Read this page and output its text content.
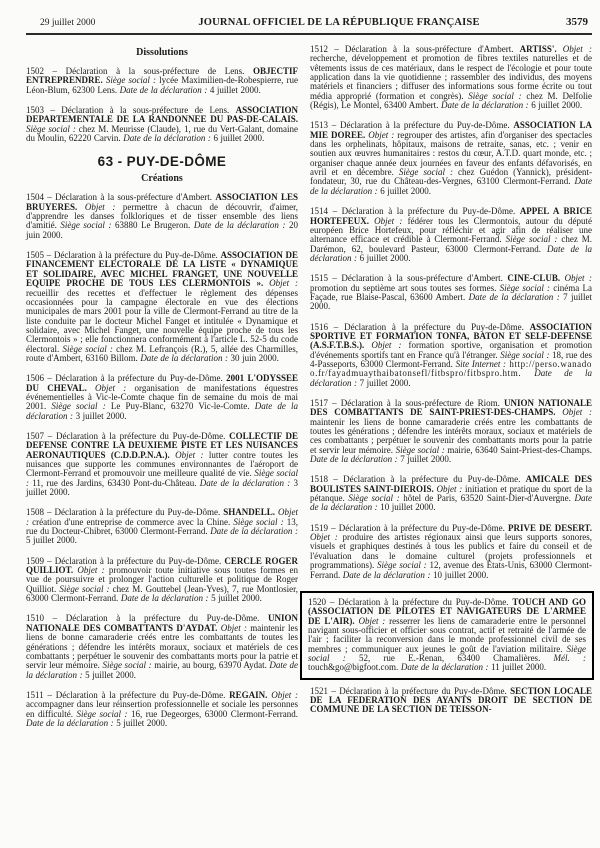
29 juillet 2000	JOURNAL OFFICIEL DE LA RÉPUBLIQUE FRANÇAISE	3579
Dissolutions

1502 – Déclaration à la sous-préfecture de Lens. OBJECTIF ENTREPRENDRE. Siège social : lycée Maximilien-de-Robespierre, rue Léon-Blum, 62300 Lens. Date de la déclaration : 4 juillet 2000.

1503 – Déclaration à la sous-préfecture de Lens. ASSOCIATION DEPARTEMENTALE DE LA RANDONNEE DU PAS-DE-CALAIS. Siège social : chez M. Meurisse (Claude), 1, rue du Vert-Galant, domaine du Moulin, 62220 Carvin. Date de la déclaration : 6 juillet 2000.

63 - PUY-DE-DÔME
Créations

1504 – Déclaration à la sous-préfecture d'Ambert. ASSOCIATION LES BRUYERES. Objet : permettre à chacun de découvrir, d'aimer, d'apprendre les danses folkloriques et de tisser ensemble des liens d'amitié. Siège social : 63880 Le Brugeron. Date de la déclaration : 20 juin 2000.

1505 – Déclaration à la préfecture du Puy-de-Dôme. ASSOCIATION DE FINANCEMENT ELECTORALE DE LA LISTE « DYNAMIQUE ET SOLIDAIRE, AVEC MICHEL FRANGET, UNE NOUVELLE EQUIPE PROCHE DE TOUS LES CLERMONTOIS ». Objet : recueillir des recettes et d'effectuer le règlement des dépenses occasionnées pour la campagne électorale en vue des élections municipales de mars 2001 pour la ville de Clermont-Ferrand au titre de la liste conduite par le docteur Michel Fanget et intitulée « Dynamique et solidaire, avec Michel Fanget, une nouvelle équipe proche de tous les Clermontois » ; elle fonctionnera conformément à l'article L. 52-5 du code électoral. Siège social : chez M. Lefrançois (R.), 5, allée des Charmilles, route d'Ambert, 63160 Billom. Date de la déclaration : 30 juin 2000.

1506 – Déclaration à la préfecture du Puy-de-Dôme. 2001 L'ODYSSEE DU CHEVAL. Objet : organisation de manifestations équestres événementielles à Vic-le-Comte chaque fin de semaine du mois de mai 2001. Siège social : Le Puy-Blanc, 63270 Vic-le-Comte. Date de la déclaration : 3 juillet 2000.

1507 – Déclaration à la préfecture du Puy-de-Dôme. COLLECTIF DE DEFENSE CONTRE LA DEUXIEME PISTE ET LES NUISANCES AERONAUTIQUES (C.D.D.P.N.A.). Objet : lutter contre toutes les nuisances que supporte les communes environnantes de l'aéroport de Clermont-Ferrand et promouvoir une meilleure qualité de vie. Siège social : 11, rue des Jardins, 63430 Pont-du-Château. Date de la déclaration : 3 juillet 2000.

1508 – Déclaration à la préfecture du Puy-de-Dôme. SHANDELL. Objet : création d'une entreprise de commerce avec la Chine. Siège social : 13, rue du Docteur-Chibret, 63000 Clermont-Ferrand. Date de la déclaration : 5 juillet 2000.

1509 – Déclaration à la préfecture du Puy-de-Dôme. CERCLE ROGER QUILLIOT. Objet : promouvoir toute initiative sous toutes formes en vue de poursuivre et prolonger l'action culturelle et politique de Roger Quilliot. Siège social : chez M. Gouttebel (Jean-Yves), 7, rue Montlosier, 63000 Clermont-Ferrand. Date de la déclaration : 5 juillet 2000.

1510 – Déclaration à la préfecture du Puy-de-Dôme. UNION NATIONALE DES COMBATTANTS D'AYDAT. Objet : maintenir les liens de bonne camaraderie créés entre les combattants de toutes les générations ; défendre les intérêts moraux, sociaux et matériels de ces combattants ; perpétuer le souvenir des combattants morts pour la patrie et servir leur mémoire. Siège social : mairie, au bourg, 63970 Aydat. Date de la déclaration : 5 juillet 2000.

1511 – Déclaration à la préfecture du Puy-de-Dôme. REGAIN. Objet : accompagner dans leur réinsertion professionnelle et sociale les personnes en difficulté. Siège social : 16, rue Degeorges, 63000 Clermont-Ferrand. Date de la déclaration : 5 juillet 2000.

1512 – Déclaration à la sous-préfecture d'Ambert. ARTISS'. Objet : recherche, développement et promotion de fibres textiles naturelles et de vêtements issus de ces matériaux, dans le respect de l'écologie et pour toute application dans la vie quotidienne ; rassembler des individus, des moyens matériels et financiers ; diffuser des informations sous forme écrite ou tout média approprié (formation et congrès). Siège social : chez M. Delfolie (Régis), Le Montel, 63400 Ambert. Date de la déclaration : 6 juillet 2000.

1513 – Déclaration à la préfecture du Puy-de-Dôme. ASSOCIATION LA MIE DOREE. Objet : regrouper des artistes, afin d'organiser des spectacles dans les orphelinats, hôpitaux, maisons de retraite, sanas, etc. ; venir en soutien aux œuvres humanitaires : restos du cœur, A.T.D. quart monde, etc. ; organiser chaque année deux journées en faveur des enfants défavorisés, en avril et en décembre. Siège social : chez Guédon (Yannick), président-fondateur, 30, rue du Château-des-Vergnes, 63100 Clermont-Ferrand. Date de la déclaration : 6 juillet 2000.

1514 – Déclaration à la préfecture du Puy-de-Dôme. APPEL A BRICE HORTEFEUX. Objet : fédérer tous les Clermontois, autour du député européen Brice Hortefeux, pour réfléchir et agir afin de réaliser une alternance efficace et crédible à Clermont-Ferrand. Siège social : chez M. Darémon, 62, boulevard Pasteur, 63000 Clermont-Ferrand. Date de la déclaration : 6 juillet 2000.

1515 – Déclaration à la sous-préfecture d'Ambert. CINE-CLUB. Objet : promotion du septième art sous toutes ses formes. Siège social : cinéma La Façade, rue Blaise-Pascal, 63600 Ambert. Date de la déclaration : 7 juillet 2000.

1516 – Déclaration à la préfecture du Puy-de-Dôme. ASSOCIATION SPORTIVE ET FORMATION TONFA, BATON ET SELF-DEFENSE (A.S.F.T.B.S.). Objet : formation sportive, organisation et promotion d'événements sportifs tant en France qu'à l'étranger. Siège social : 18, rue des 4-Passeports, 63000 Clermont-Ferrand. Site Internet : http://perso.wanadoo.fr/fayadmuaythaibatonsefl/fitbspro/fitbspro.htm. Date de la déclaration : 7 juillet 2000.

1517 – Déclaration à la sous-préfecture de Riom. UNION NATIONALE DES COMBATTANTS DE SAINT-PRIEST-DES-CHAMPS. Objet : maintenir les liens de bonne camaraderie créés entre les combattants de toutes les générations ; défendre les intérêts moraux, sociaux et matériels de ces combattants ; perpétuer le souvenir des combattants morts pour la patrie et servir leur mémoire. Siège social : mairie, 63640 Saint-Priest-des-Champs. Date de la déclaration : 7 juillet 2000.

1518 – Déclaration à la préfecture du Puy-de-Dôme. AMICALE DES BOULISTES SAINT-DIEROIS. Objet : initiation et pratique du sport de la pétanque. Siège social : hôtel de Paris, 63520 Saint-Dier-d'Auvergne. Date de la déclaration : 10 juillet 2000.

1519 – Déclaration à la préfecture du Puy-de-Dôme. PRIVE DE DESERT. Objet : produire des artistes régionaux ainsi que leurs supports sonores, visuels et graphiques destinés à tous les publics et faire du conseil et de l'évaluation dans le domaine culturel (projets professionnels et programmations). Siège social : 12, avenue des États-Unis, 63000 Clermont-Ferrand. Date de la déclaration : 10 juillet 2000.

1520 – Déclaration à la préfecture du Puy-de-Dôme. TOUCH AND GO (ASSOCIATION DE PILOTES ET NAVIGATEURS DE L'ARMEE DE L'AIR). Objet : resserrer les liens de camaraderie entre le personnel navigant sous-officier et officier sous contrat, actif et retraité de l'armée de l'air ; faciliter la reconversion dans le monde professionnel civil de ses membres ; communiquer aux jeunes le goût de l'aviation militaire. Siège social : 52, rue E.-Renan, 63400 Chamalières. Mél. : touch&go@bigfoot.com. Date de la déclaration : 11 juillet 2000.

1521 – Déclaration à la préfecture du Puy-de-Dôme. SECTION LOCALE DE LA FEDERATION DES AYANTS DROIT DE SECTION DE COMMUNE DE LA SECTION DE TEISSON-
